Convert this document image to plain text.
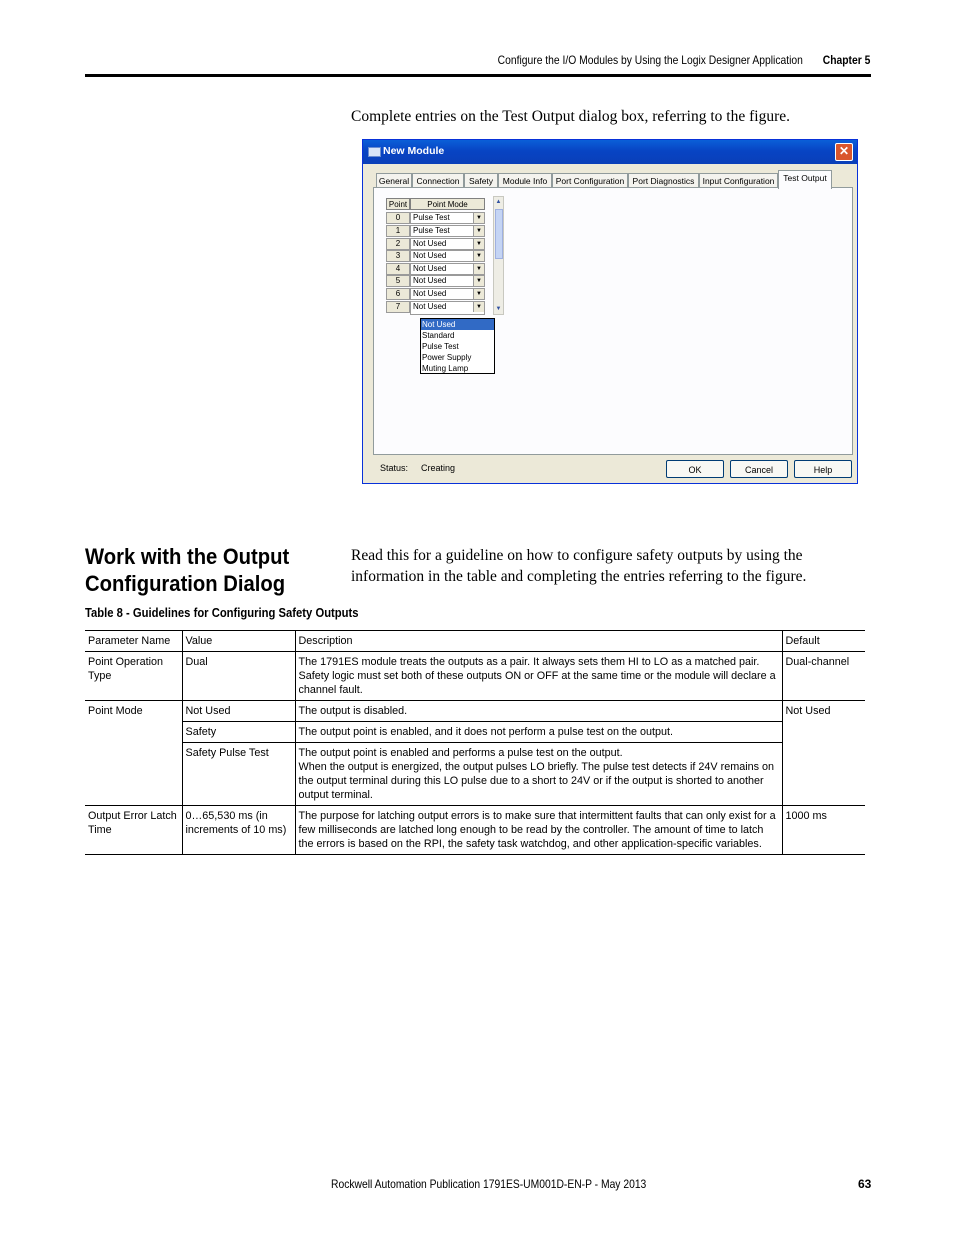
Configure the I/O Modules by Using the Logix Designer Application Chapter 5
Complete entries on the Test Output dialog box, referring to the figure.
New Module	✕
General Connection	Safety	Module Info	Port Configuration Port Diagnostics Input Configuration	Test Output
Point	Point Mode
0	Pulse Test	▼
1	Pulse Test	▼
2	Not Used	▼
3	Not Used	▼
4	Not Used	▼
5	Not Used	▼
6	Not Used	▼
7	Not Used	▼
▲
▼
Not Used
Standard
Pulse Test
Power Supply
Muting Lamp
Status: Creating	OK	Cancel	Help
Work with the Output Configuration Dialog
Read this for a guideline on how to configure safety outputs by using the information in the table and completing the entries referring to the figure.
Table 8 - Guidelines for Configuring Safety Outputs
Parameter Name	Value	Description	Default
Point Operation Type	Dual	The 1791ES module treats the outputs as a pair. It always sets them HI to LO as a matched pair.
Safety logic must set both of these outputs ON or OFF at the same time or the module will declare a channel fault.	Dual-channel
Point Mode	Not Used	The output is disabled.	Not Used
	Safety	The output point is enabled, and it does not perform a pulse test on the output.	
	Safety Pulse Test	The output point is enabled and performs a pulse test on the output.
When the output is energized, the output pulses LO briefly. The pulse test detects if 24V remains on the output terminal during this LO pulse due to a short to 24V or if the output is shorted to another output terminal.	
Output Error Latch Time	0…65,530 ms (in increments of 10 ms)	The purpose for latching output errors is to make sure that intermittent faults that can only exist for a few milliseconds are latched long enough to be read by the controller. The amount of time to latch the errors is based on the RPI, the safety task watchdog, and other application-specific variables.	1000 ms
Rockwell Automation Publication 1791ES-UM001D-EN-P - May 2013	63
